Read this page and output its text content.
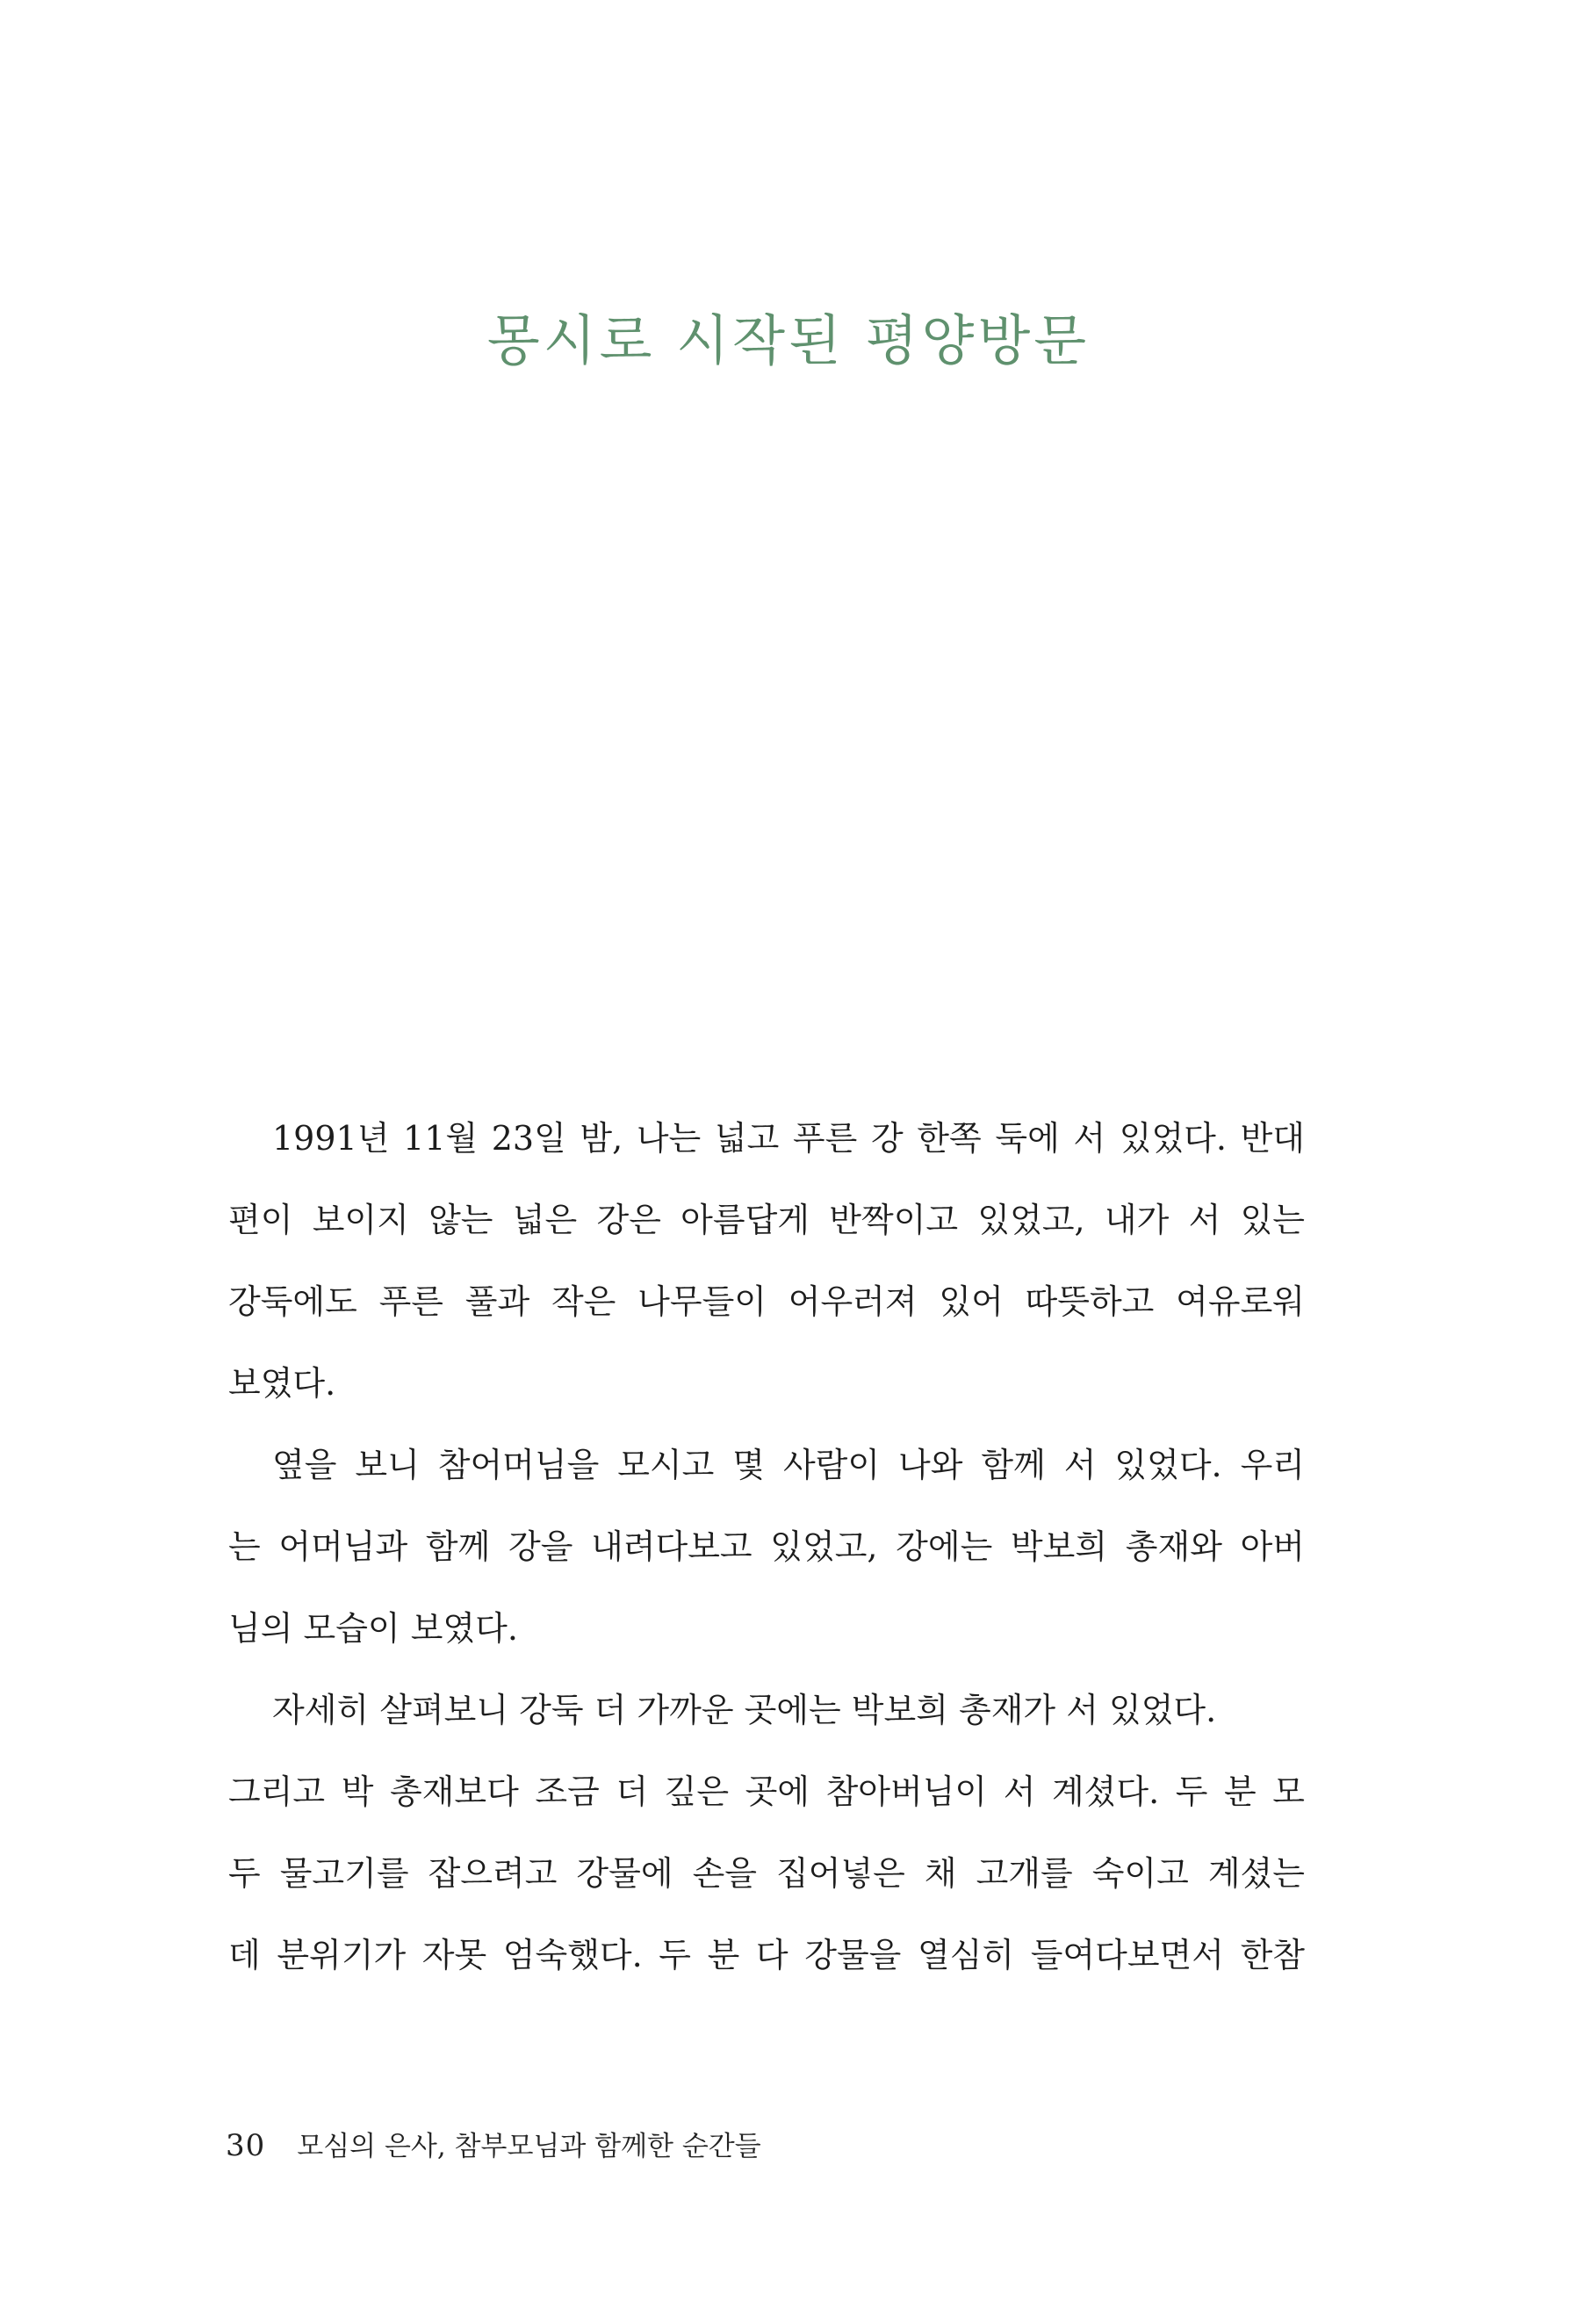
몽시로 시작된 평양방문

1991년 11월 23일 밤, 나는 넓고 푸른 강 한쪽 둑에 서 있었다. 반대

편이 보이지 않는 넓은 강은 아름답게 반짝이고 있었고, 내가 서 있는

강둑에도 푸른 풀과 작은 나무들이 어우러져 있어 따뜻하고 여유로워

보였다.

옆을 보니 참어머님을 모시고 몇 사람이 나와 함께 서 있었다. 우리

는 어머님과 함께 강을 내려다보고 있었고, 강에는 박보희 총재와 아버

님의 모습이 보였다.

자세히 살펴보니 강둑 더 가까운 곳에는 박보희 총재가 서 있었다.

그리고 박 총재보다 조금 더 깊은 곳에 참아버님이 서 계셨다. 두 분 모

두 물고기를 잡으려고 강물에 손을 집어넣은 채 고개를 숙이고 계셨는

데 분위기가 자못 엄숙했다. 두 분 다 강물을 열심히 들여다보면서 한참

30 모심의 은사, 참부모님과 함께한 순간들
